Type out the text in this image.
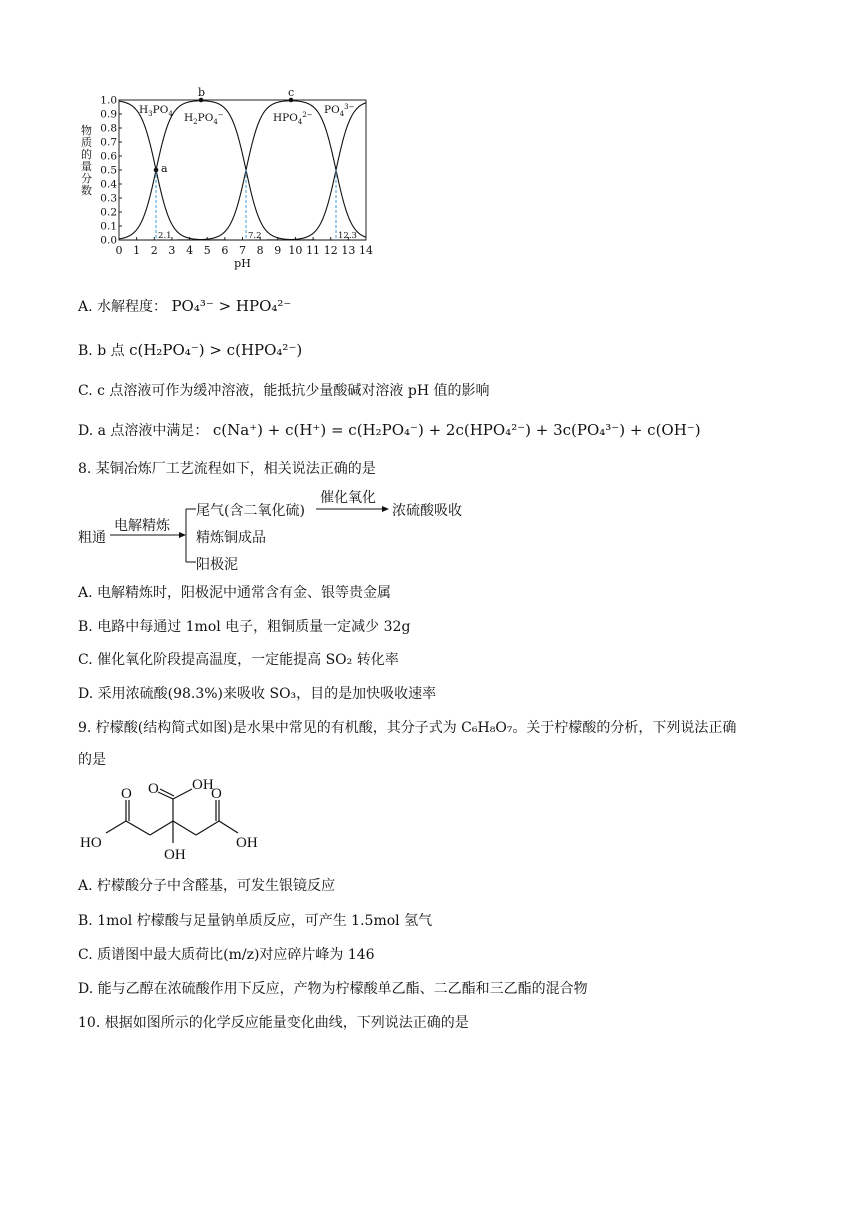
0.0
0.1
0.2
0.3
0.4
0.5
0.6
0.7
0.8
0.9
1.0
0 1 2 3 4 5 6 7 8 9 10 11 12 13 14
pH
2.1	7.2	12.3
a
b	c
$H_3PO_4$ $H_2PO_4^-$	$HPO_4^{2-}$ $PO_4^{3-}$
物
质
的
量
分
数
A. 水解程度： PO₄³⁻ > HPO₄²⁻
B. b 点 c(H₂PO₄⁻) > c(HPO₄²⁻)
C. c 点溶液可作为缓冲溶液，能抵抗少量酸碱对溶液 pH 值的影响
D. a 点溶液中满足： c(Na⁺) + c(H⁺) = c(H₂PO₄⁻) + 2c(HPO₄²⁻) + 3c(PO₄³⁻) + c(OH⁻)
8. 某铜冶炼厂工艺流程如下，相关说法正确的是
粗通
电解精炼
尾气(含二氧化硫)
催化氧化
浓硫酸吸收
精炼铜成品
阳极泥
A. 电解精炼时，阳极泥中通常含有金、银等贵金属
B. 电路中每通过 1mol 电子，粗铜质量一定减少 32g
C. 催化氧化阶段提高温度，一定能提高 SO₂ 转化率
D. 采用浓硫酸(98.3%)来吸收 SO₃，目的是加快吸收速率
9. 柠檬酸(结构简式如图)是水果中常见的有机酸，其分子式为 C₆H₈O₇。关于柠檬酸的分析，下列说法正确
的是
O O OH
O
HO
OH
OH
A. 柠檬酸分子中含醛基，可发生银镜反应
B. 1mol 柠檬酸与足量钠单质反应，可产生 1.5mol 氢气
C. 质谱图中最大质荷比(m/z)对应碎片峰为 146
D. 能与乙醇在浓硫酸作用下反应，产物为柠檬酸单乙酯、二乙酯和三乙酯的混合物
10. 根据如图所示的化学反应能量变化曲线，下列说法正确的是
